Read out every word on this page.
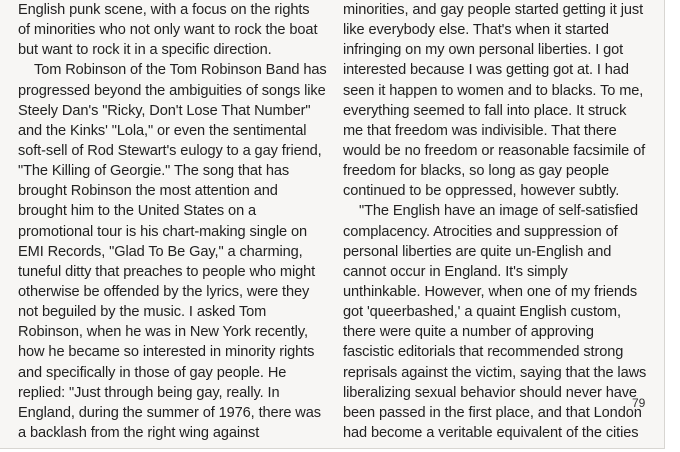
English punk scene, with a focus on the rights
of minorities who not only want to rock the boat
but want to rock it in a specific direction.
Tom Robinson of the Tom Robinson Band has
progressed beyond the ambiguities of songs like
Steely Dan's "Ricky, Don't Lose That Number"
and the Kinks' "Lola," or even the sentimental
soft-sell of Rod Stewart's eulogy to a gay friend,
"The Killing of Georgie." The song that has
brought Robinson the most attention and
brought him to the United States on a
promotional tour is his chart-making single on
EMI Records, "Glad To Be Gay," a charming,
tuneful ditty that preaches to people who might
otherwise be offended by the lyrics, were they
not beguiled by the music. I asked Tom
Robinson, when he was in New York recently,
how he became so interested in minority rights
and specifically in those of gay people. He
replied: "Just through being gay, really. In
England, during the summer of 1976, there was
a backlash from the right wing against
minorities, and gay people started getting it just
like everybody else. That's when it started
infringing on my own personal liberties. I got
interested because I was getting got at. I had
seen it happen to women and to blacks. To me,
everything seemed to fall into place. It struck
me that freedom was indivisible. That there
would be no freedom or reasonable facsimile of
freedom for blacks, so long as gay people
continued to be oppressed, however subtly.
"The English have an image of self-satisfied
complacency. Atrocities and suppression of
personal liberties are quite un-English and
cannot occur in England. It's simply
unthinkable. However, when one of my friends
got 'queerbashed,' a quaint English custom,
there were quite a number of approving
fascistic editorials that recommended strong
reprisals against the victim, saying that the laws
liberalizing sexual behavior should never have
been passed in the first place, and that London
had become a veritable equivalent of the cities
79
